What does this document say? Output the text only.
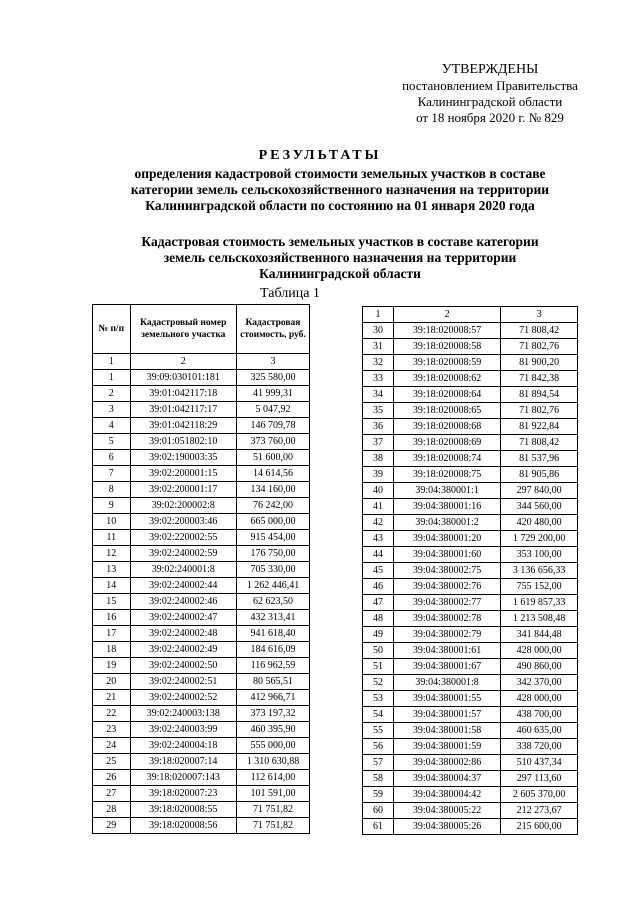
УТВЕРЖДЕНЫ
постановлением Правительства
Калининградской области
от 18 ноября 2020 г. № 829
РЕЗУЛЬТАТЫ
определения кадастровой стоимости земельных участков в составе
категории земель сельскохозяйственного назначения на территории
Калининградской области по состоянию на 01 января 2020 года
Кадастровая стоимость земельных участков в составе категории
земель сельскохозяйственного назначения на территории
Калининградской области
Таблица 1
№ п/п	Кадастровый номер земельного участка	Кадастровая стоимость, руб.
1	2	3
1	39:09:030101:181	325 580,00
2	39:01:042117:18	41 999,31
3	39:01:042117:17	5 047,92
4	39:01:042118:29	146 709,78
5	39:01:051802:10	373 760,00
6	39:02:190003:35	51 600,00
7	39:02:200001:15	14 614,56
8	39:02:200001:17	134 160,00
9	39:02:200002:8	76 242,00
10	39:02:200003:46	665 000,00
11	39:02:220002:55	915 454,00
12	39:02:240002:59	176 750,00
13	39:02:240001:8	705 330,00
14	39:02:240002:44	1 262 446,41
15	39:02:240002:46	62 623,50
16	39:02:240002:47	432 313,41
17	39:02:240002:48	941 618,40
18	39:02:240002:49	184 616,09
19	39:02:240002:50	116 962,59
20	39:02:240002:51	80 565,51
21	39:02:240002:52	412 966,71
22	39:02:240003:138	373 197,32
23	39:02:240003:99	460 395,90
24	39:02:240004:18	555 000,00
25	39:18:020007:14	1 310 630,88
26	39:18:020007:143	112 614,00
27	39:18:020007:23	101 591,00
28	39:18:020008:55	71 751,82
29	39:18:020008:56	71 751,82
1	2	3
30	39:18:020008:57	71 808,42
31	39:18:020008:58	71 802,76
32	39:18:020008:59	81 900,20
33	39:18:020008:62	71 842,38
34	39:18:020008:64	81 894,54
35	39:18:020008:65	71 802,76
36	39:18:020008:68	81 922,84
37	39:18:020008:69	71 808,42
38	39:18:020008:74	81 537,96
39	39:18:020008:75	81 905,86
40	39:04:380001:1	297 840,00
41	39:04:380001:16	344 560,00
42	39:04:380001:2	420 480,00
43	39:04:380001:20	1 729 200,00
44	39:04:380001:60	353 100,00
45	39:04:380002:75	3 136 656,33
46	39:04:380002:76	755 152,00
47	39:04:380002:77	1 619 857,33
48	39:04:380002:78	1 213 508,48
49	39:04:380002:79	341 844,48
50	39:04:380001:61	428 000,00
51	39:04:380001:67	490 860,00
52	39:04:380001:8	342 370,00
53	39:04:380001:55	428 000,00
54	39:04:380001:57	438 700,00
55	39:04:380001:58	460 635,00
56	39:04:380001:59	338 720,00
57	39:04:380002:86	510 437,34
58	39:04:380004:37	297 113,60
59	39:04:380004:42	2 605 370,00
60	39:04:380005:22	212 273,67
61	39:04:380005:26	215 600,00
